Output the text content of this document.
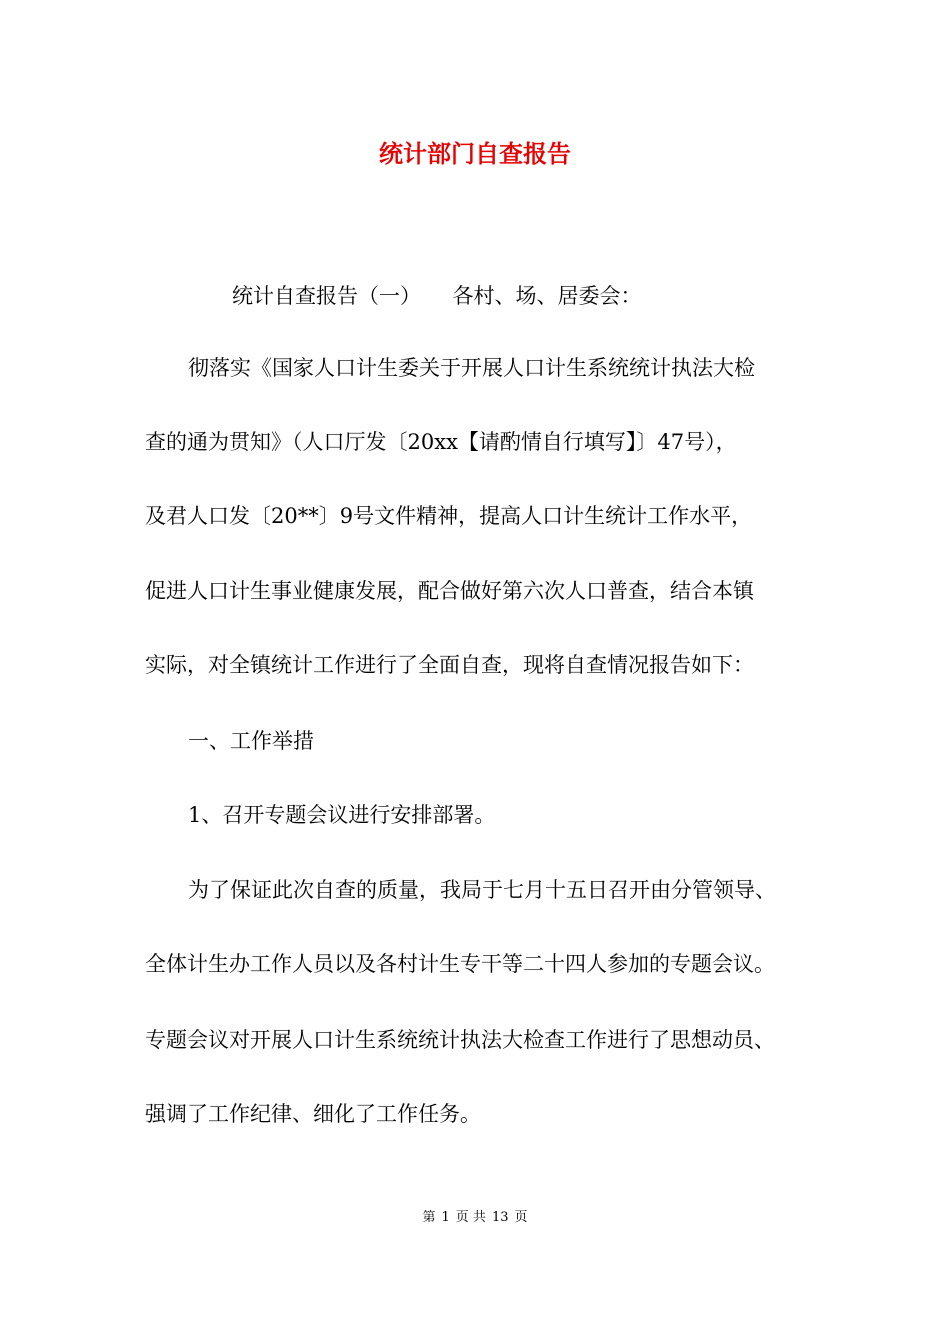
统计部门自查报告

统计自查报告（一）　　各村、场、居委会：

彻落实《国家人口计生委关于开展人口计生系统统计执法大检

查的通为贯知》（人口厅发〔20xx【请酌情自行填写】〕47号），

及君人口发〔20**〕9号文件精神，提高人口计生统计工作水平，

促进人口计生事业健康发展，配合做好第六次人口普查，结合本镇

实际，对全镇统计工作进行了全面自查，现将自查情况报告如下：

一、工作举措

1、召开专题会议进行安排部署。

为了保证此次自查的质量，我局于七月十五日召开由分管领导、

全体计生办工作人员以及各村计生专干等二十四人参加的专题会议。

专题会议对开展人口计生系统统计执法大检查工作进行了思想动员、

强调了工作纪律、细化了工作任务。

第 1 页 共 13 页
